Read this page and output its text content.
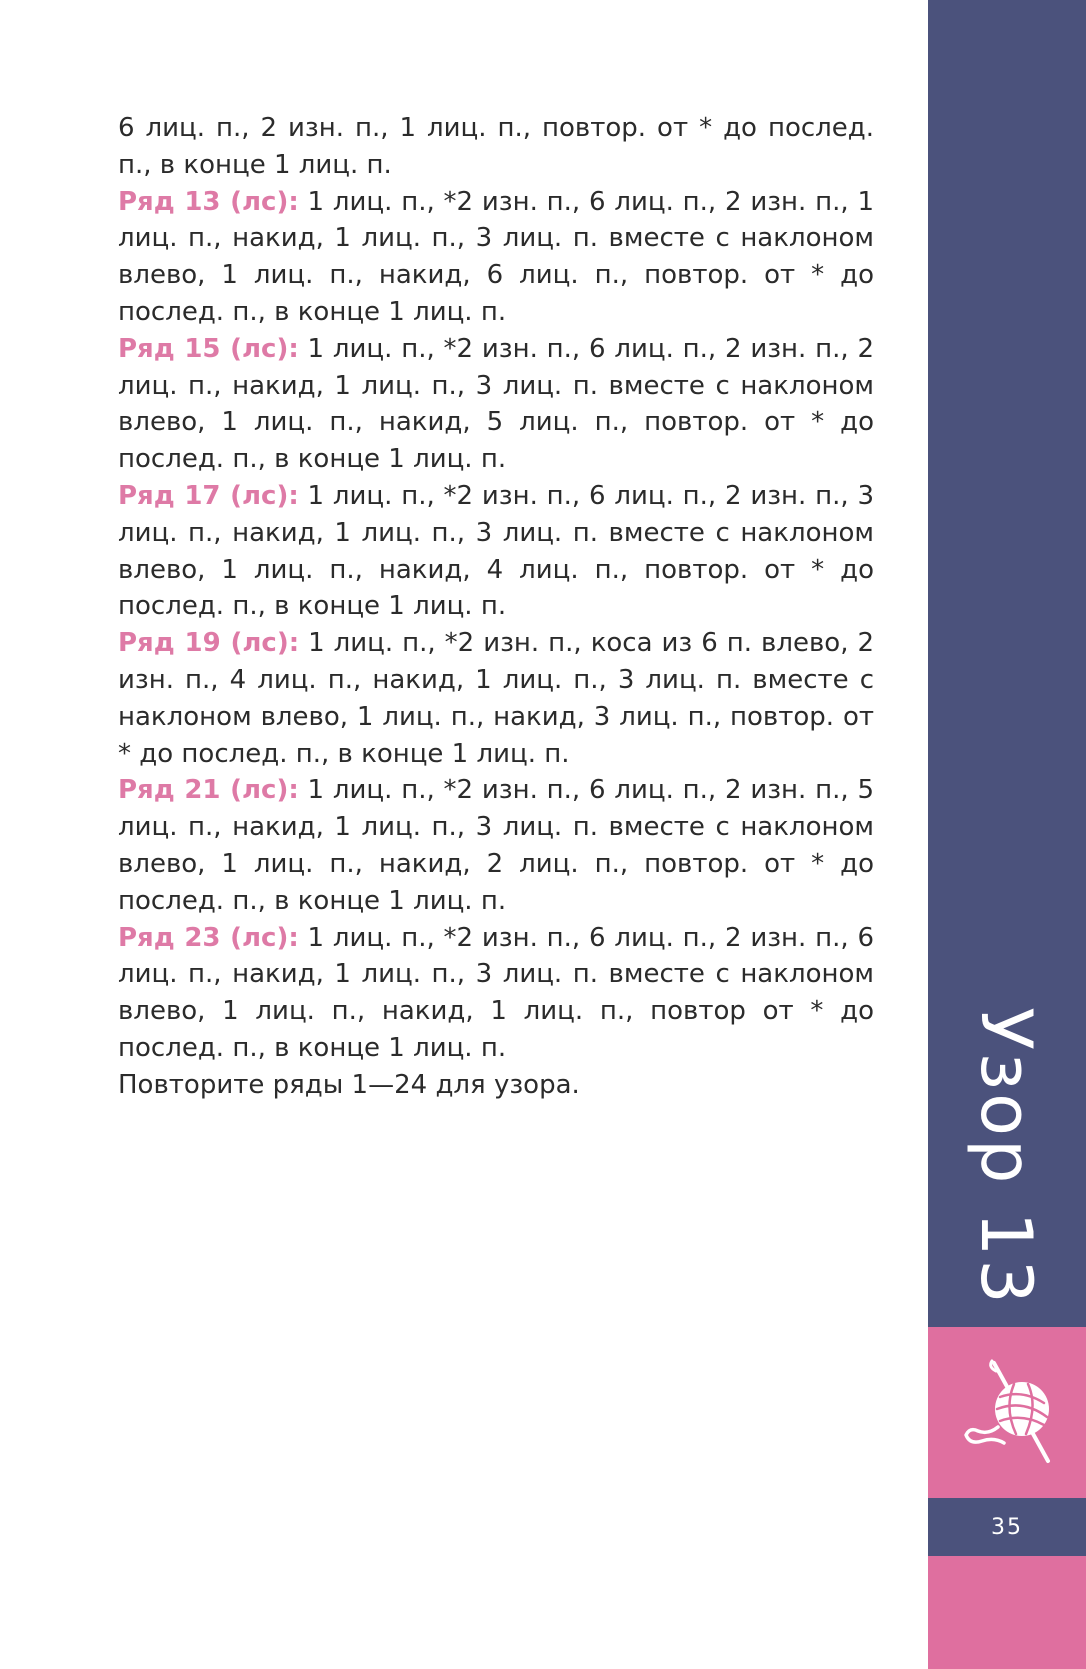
6 лиц. п., 2 изн. п., 1 лиц. п., повтор. от * до послед. п., в конце 1 лиц. п.

Ряд 13 (лс): 1 лиц. п., *2 изн. п., 6 лиц. п., 2 изн. п., 1 лиц. п., накид, 1 лиц. п., 3 лиц. п. вместе с наклоном влево, 1 лиц. п., накид, 6 лиц. п., повтор. от * до послед. п., в конце 1 лиц. п.

Ряд 15 (лс): 1 лиц. п., *2 изн. п., 6 лиц. п., 2 изн. п., 2 лиц. п., накид, 1 лиц. п., 3 лиц. п. вместе с наклоном влево, 1 лиц. п., накид, 5 лиц. п., повтор. от * до послед. п., в конце 1 лиц. п.

Ряд 17 (лс): 1 лиц. п., *2 изн. п., 6 лиц. п., 2 изн. п., 3 лиц. п., накид, 1 лиц. п., 3 лиц. п. вместе с наклоном влево, 1 лиц. п., накид, 4 лиц. п., повтор. от * до послед. п., в конце 1 лиц. п.

Ряд 19 (лс): 1 лиц. п., *2 изн. п., коса из 6 п. влево, 2 изн. п., 4 лиц. п., накид, 1 лиц. п., 3 лиц. п. вместе с наклоном влево, 1 лиц. п., накид, 3 лиц. п., повтор. от * до послед. п., в конце 1 лиц. п.

Ряд 21 (лс): 1 лиц. п., *2 изн. п., 6 лиц. п., 2 изн. п., 5 лиц. п., накид, 1 лиц. п., 3 лиц. п. вместе с наклоном влево, 1 лиц. п., накид, 2 лиц. п., повтор. от * до послед. п., в конце 1 лиц. п.

Ряд 23 (лс): 1 лиц. п., *2 изн. п., 6 лиц. п., 2 изн. п., 6 лиц. п., накид, 1 лиц. п., 3 лиц. п. вместе с наклоном влево, 1 лиц. п., накид, 1 лиц. п., повтор от * до послед. п., в конце 1 лиц. п.

Повторите ряды 1—24 для узора.	Узор 13
35
